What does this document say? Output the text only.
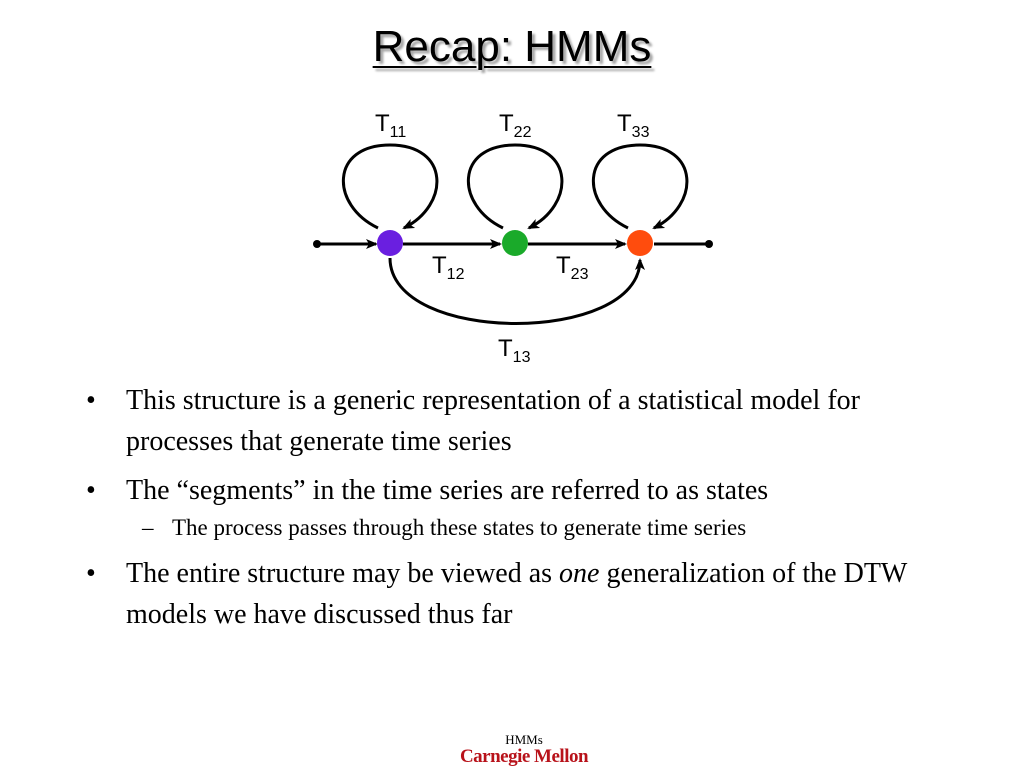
Recap: HMMs
$T_{11}$	$T_{22}$	$T_{33}$
$T_{12}$	$T_{23}$
$T_{13}$
• This structure is a generic representation of a statistical model for processes that generate time series
• The “segments” in the time series are referred to as states
– The process passes through these states to generate time series
• The entire structure may be viewed as one generalization of the DTW models we have discussed thus far
HMMs
Carnegie Mellon
